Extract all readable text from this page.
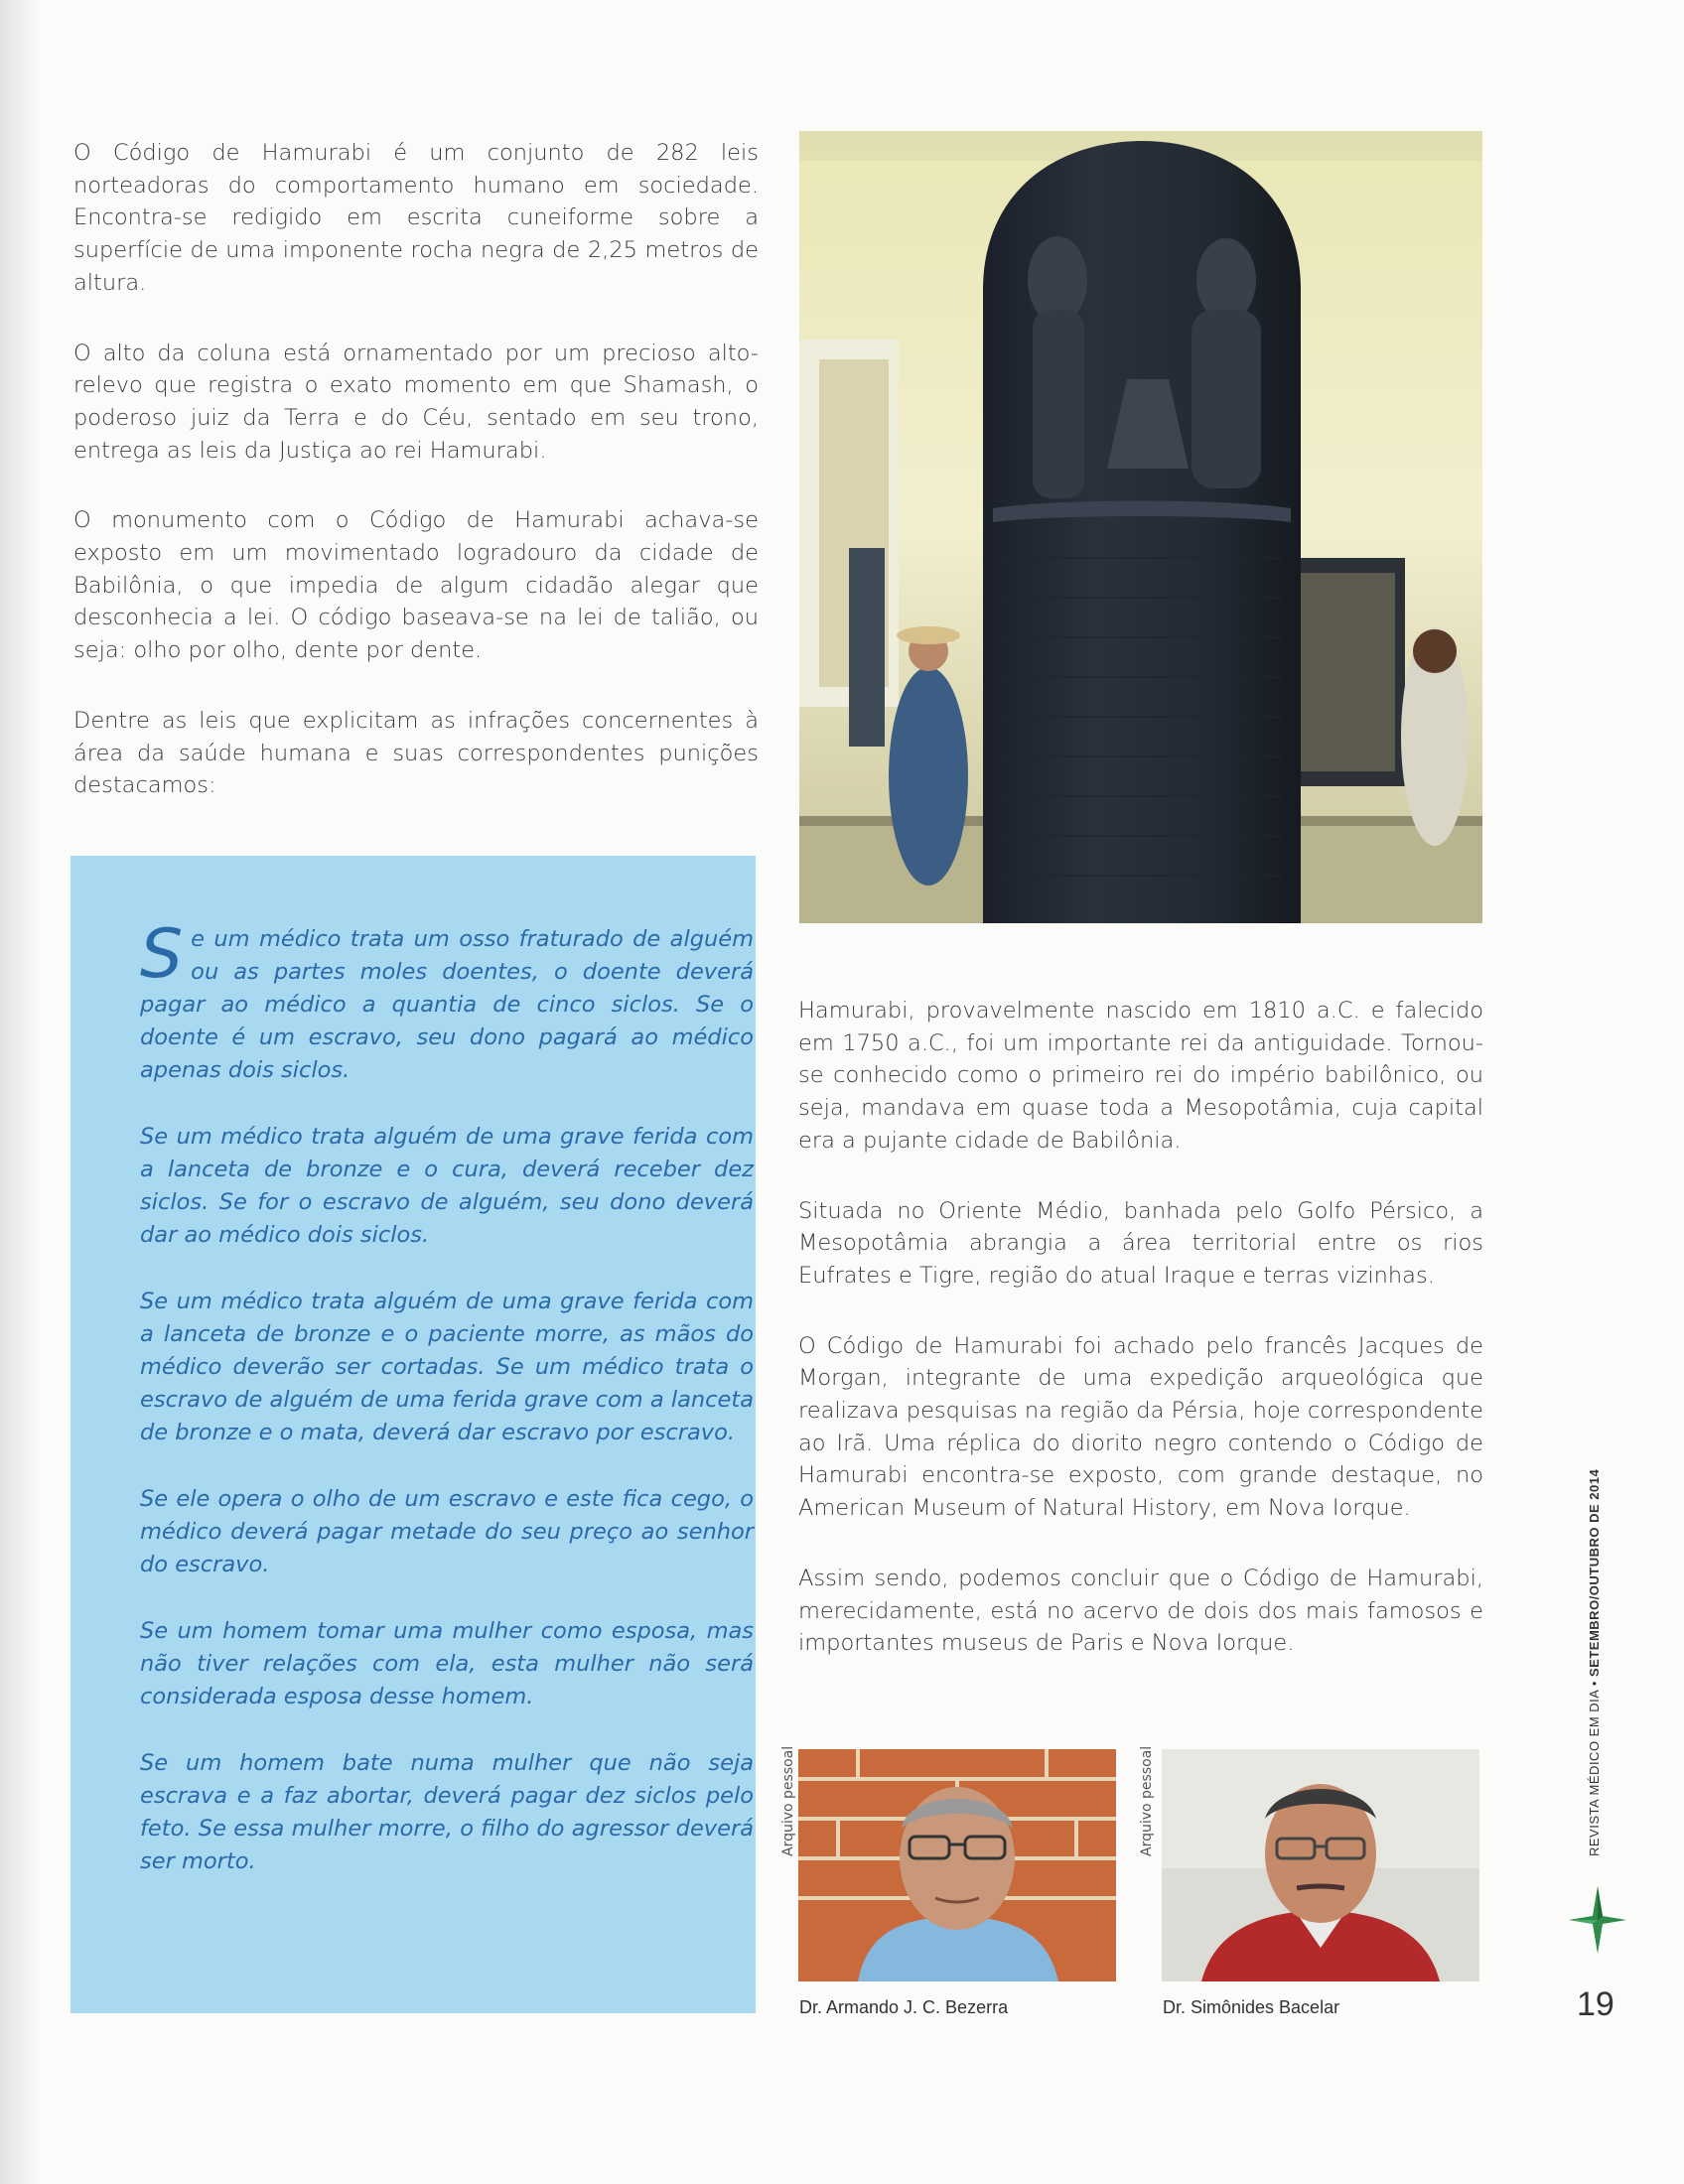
O Código de Hamurabi é um conjunto de 282 leis norteadoras do comportamento humano em sociedade. Encontra-se redigido em escrita cuneiforme sobre a superfície de uma imponente rocha negra de 2,25 metros de altura.

O alto da coluna está ornamentado por um precioso alto-relevo que registra o exato momento em que Shamash, o poderoso juiz da Terra e do Céu, sentado em seu trono, entrega as leis da Justiça ao rei Hamurabi.

O monumento com o Código de Hamurabi achava-se exposto em um movimentado logradouro da cidade de Babilônia, o que impedia de algum cidadão alegar que desconhecia a lei. O código baseava-se na lei de talião, ou seja: olho por olho, dente por dente.

Dentre as leis que explicitam as infrações concernentes à área da saúde humana e suas correspondentes punições destacamos:

Se um médico trata um osso fraturado de alguém ou as partes moles doentes, o doente deverá pagar ao médico a quantia de cinco siclos. Se o doente é um escravo, seu dono pagará ao médico apenas dois siclos.

Se um médico trata alguém de uma grave ferida com a lanceta de bronze e o cura, deverá receber dez siclos. Se for o escravo de alguém, seu dono deverá dar ao médico dois siclos.

Se um médico trata alguém de uma grave ferida com a lanceta de bronze e o paciente morre, as mãos do médico deverão ser cortadas. Se um médico trata o escravo de alguém de uma ferida grave com a lanceta de bronze e o mata, deverá dar escravo por escravo.

Se ele opera o olho de um escravo e este fica cego, o médico deverá pagar metade do seu preço ao senhor do escravo.

Se um homem tomar uma mulher como esposa, mas não tiver relações com ela, esta mulher não será considerada esposa desse homem.

Se um homem bate numa mulher que não seja escrava e a faz abortar, deverá pagar dez siclos pelo feto. Se essa mulher morre, o filho do agressor deverá ser morto.

Hamurabi, provavelmente nascido em 1810 a.C. e falecido em 1750 a.C., foi um importante rei da antiguidade. Tornou-se conhecido como o primeiro rei do império babilônico, ou seja, mandava em quase toda a Mesopotâmia, cuja capital era a pujante cidade de Babilônia.

Situada no Oriente Médio, banhada pelo Golfo Pérsico, a Mesopotâmia abrangia a área territorial entre os rios Eufrates e Tigre, região do atual Iraque e terras vizinhas.

O Código de Hamurabi foi achado pelo francês Jacques de Morgan, integrante de uma expedição arqueológica que realizava pesquisas na região da Pérsia, hoje correspondente ao Irã. Uma réplica do diorito negro contendo o Código de Hamurabi encontra-se exposto, com grande destaque, no American Museum of Natural History, em Nova Iorque.

Assim sendo, podemos concluir que o Código de Hamurabi, merecidamente, está no acervo de dois dos mais famosos e importantes museus de Paris e Nova Iorque.

Arquivo pessoal
Dr. Armando J. C. Bezerra
Arquivo pessoal
Dr. Simônides Bacelar
REVISTA MÉDICO EM DIA • SETEMBRO/OUTUBRO DE 2014
19
